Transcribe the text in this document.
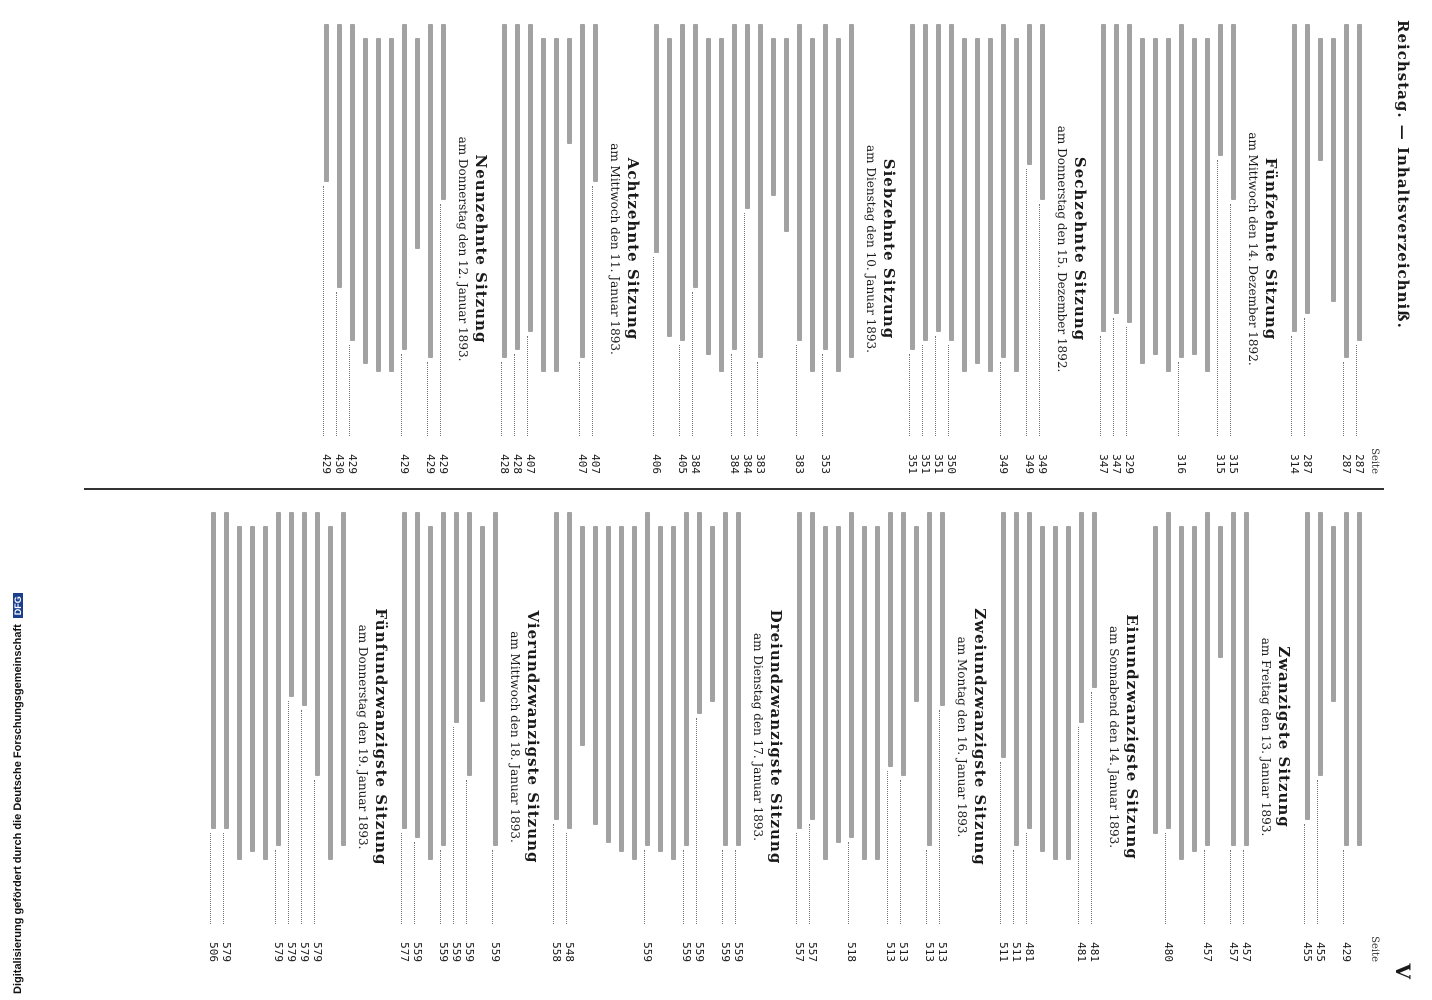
Reichstag. — Inhaltsverzeichniß.
V
Seite
287
287
287
314
Fünfzehnte Sitzung
am Mittwoch den 14. Dezember 1892.
315
315
316
329
347
347
Sechzehnte Sitzung
am Donnerstag den 15. Dezember 1892.
349
349
349
350
351
351
351
Siebzehnte Sitzung
am Dienstag den 10. Januar 1893.
353
383
383
384
384
384
405
406
Achtzehnte Sitzung
am Mittwoch den 11. Januar 1893.
407
407
407
428
428
Neunzehnte Sitzung
am Donnerstag den 12. Januar 1893.
429
429
429
429
430
429
Seite
429
455
455
Zwanzigste Sitzung
am Freitag den 13. Januar 1893.
457
457
457
480
Einundzwanzigste Sitzung
am Sonnabend den 14. Januar 1893.
481
481
481
511
511
Zweiundzwanzigste Sitzung
am Montag den 16. Januar 1893.
513
513
513
513
518
557
557
Dreiundzwanzigste Sitzung
am Dienstag den 17. Januar 1893.
559
559
559
559
559
548
558
Vierundzwanzigste Sitzung
am Mittwoch den 18. Januar 1893.
559
559
559
559
559
577
Fünfundzwanzigste Sitzung
am Donnerstag den 19. Januar 1893.
579
579
579
579
579
506
Digitalisierung gefördert durch die Deutsche Forschungsgemeinschaft
DFG
